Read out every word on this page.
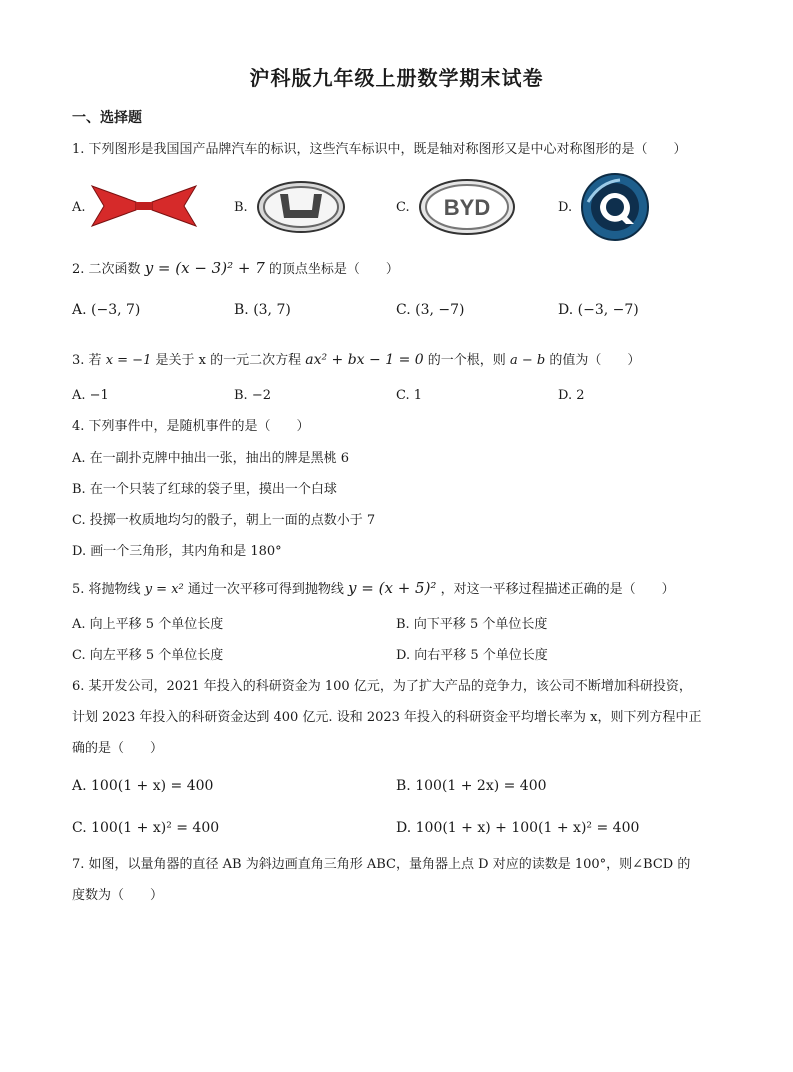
沪科版九年级上册数学期末试卷
一、选择题
1. 下列图形是我国国产品牌汽车的标识，这些汽车标识中，既是轴对称图形又是中心对称图形的是（　　）
A.	B.	C. BYD	D.
2. 二次函数 y = (x − 3)² + 7 的顶点坐标是（　　）
A. (−3, 7)	B. (3, 7)	C. (3, −7)	D. (−3, −7)
3. 若 x = −1 是关于 x 的一元二次方程 ax² + bx − 1 = 0 的一个根，则 a − b 的值为（　　）
A. −1	B. −2	C. 1	D. 2
4. 下列事件中，是随机事件的是（　　）
A. 在一副扑克牌中抽出一张，抽出的牌是黑桃 6
B. 在一个只装了红球的袋子里，摸出一个白球
C. 投掷一枚质地均匀的骰子，朝上一面的点数小于 7
D. 画一个三角形，其内角和是 180°
5. 将抛物线 y = x² 通过一次平移可得到抛物线 y = (x + 5)² ，对这一平移过程描述正确的是（　　）
A. 向上平移 5 个单位长度	B. 向下平移 5 个单位长度
C. 向左平移 5 个单位长度	D. 向右平移 5 个单位长度
6. 某开发公司，2021 年投入的科研资金为 100 亿元，为了扩大产品的竞争力，该公司不断增加科研投资，
计划 2023 年投入的科研资金达到 400 亿元. 设和 2023 年投入的科研资金平均增长率为 x，则下列方程中正
确的是（　　）
A. 100(1 + x) = 400	B. 100(1 + 2x) = 400
C. 100(1 + x)² = 400	D. 100(1 + x) + 100(1 + x)² = 400
7. 如图，以量角器的直径 AB 为斜边画直角三角形 ABC，量角器上点 D 对应的读数是 100°，则∠BCD 的
度数为（　　）
